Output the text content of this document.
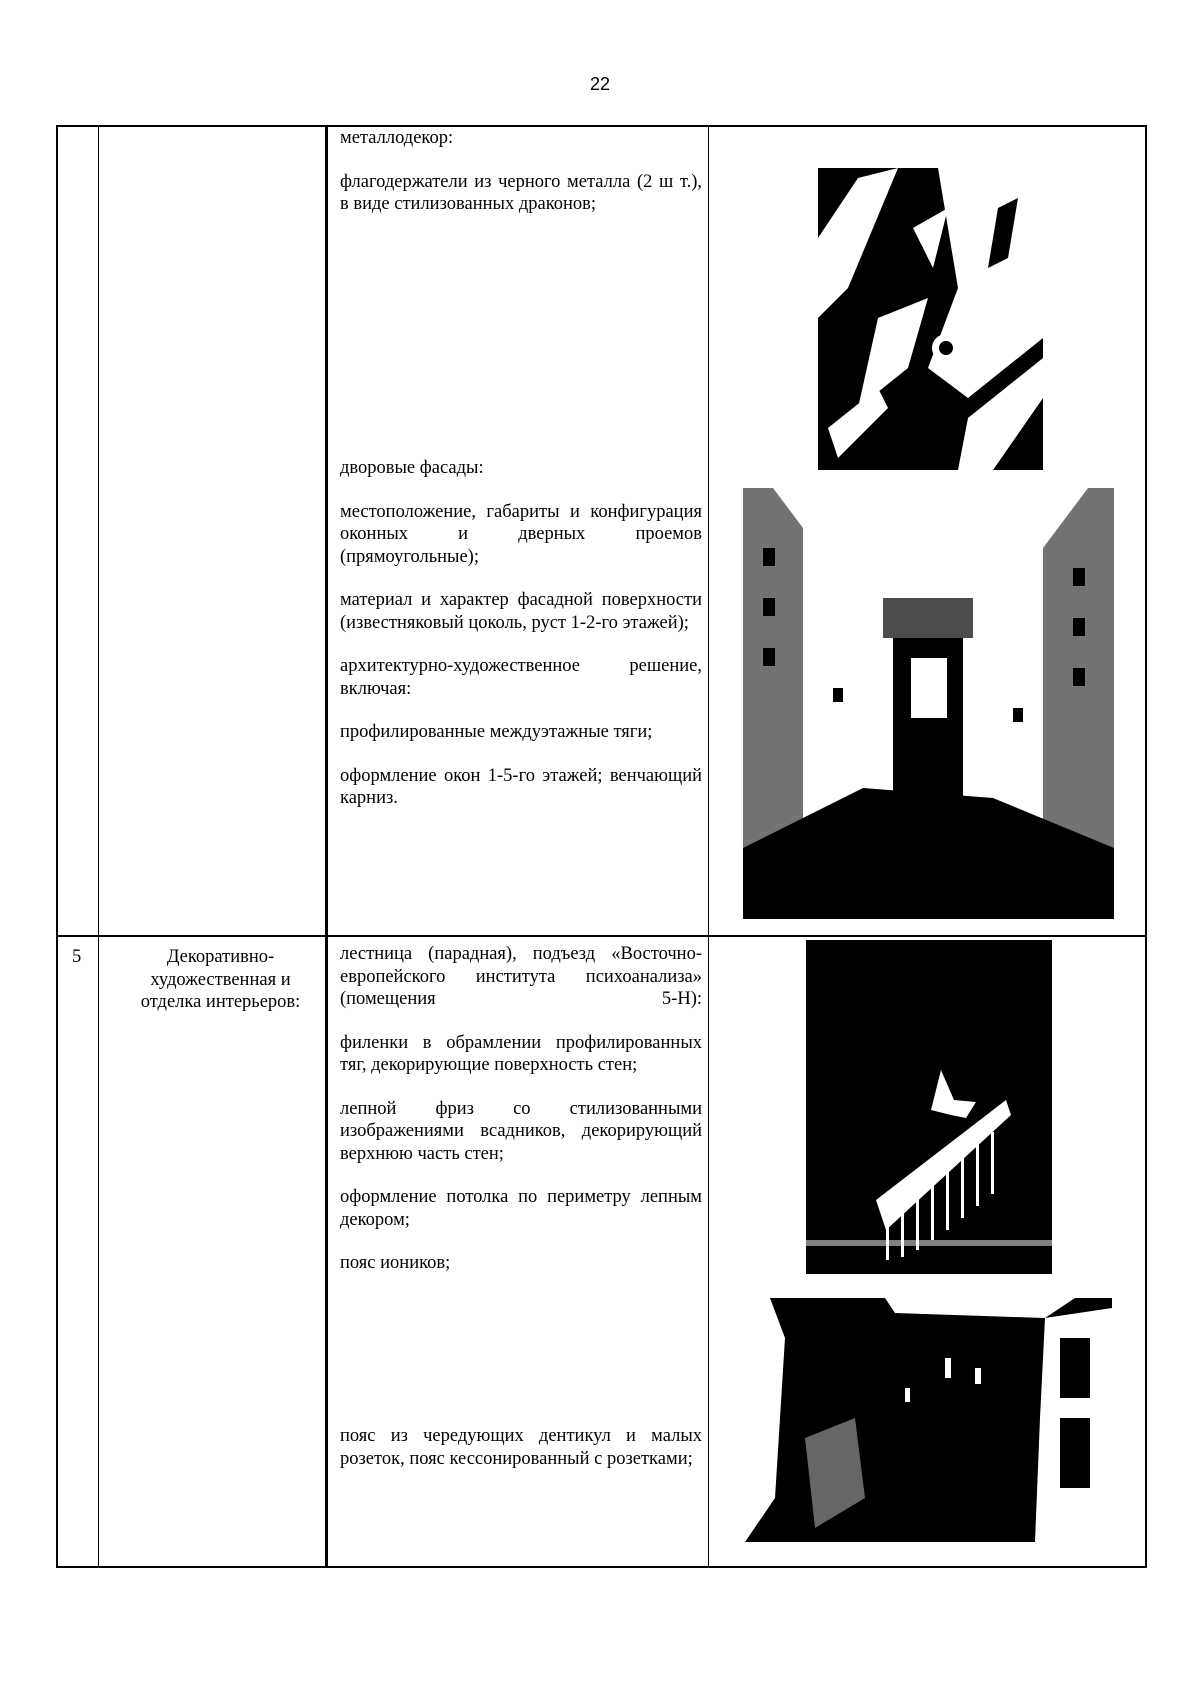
22

металлодекор:

флагодержатели из черного металла (2 ш т.), в виде стилизованных драконов;

дворовые фасады:

местоположение, габариты и конфигурация оконных и дверных проемов (прямоугольные);

материал и характер фасадной поверхности (известняковый цоколь, руст 1-2-го этажей);

архитектурно-художественное решение, включая:

профилированные междуэтажные тяги;

оформление окон 1-5-го этажей; венчающий карниз.

5	Декоративно-художественная и отделка интерьеров:

лестница (парадная), подъезд «Восточно-европейского института психоанализа» (помещения 5-Н):

филенки в обрамлении профилированных тяг, декорирующие поверхность стен;

лепной фриз со стилизованными изображениями всадников, декорирующий верхнюю часть стен;

оформление потолка по периметру лепным декором;

пояс иоников;

пояс из чередующих дентикул и малых розеток, пояс кессонированный с розетками;
